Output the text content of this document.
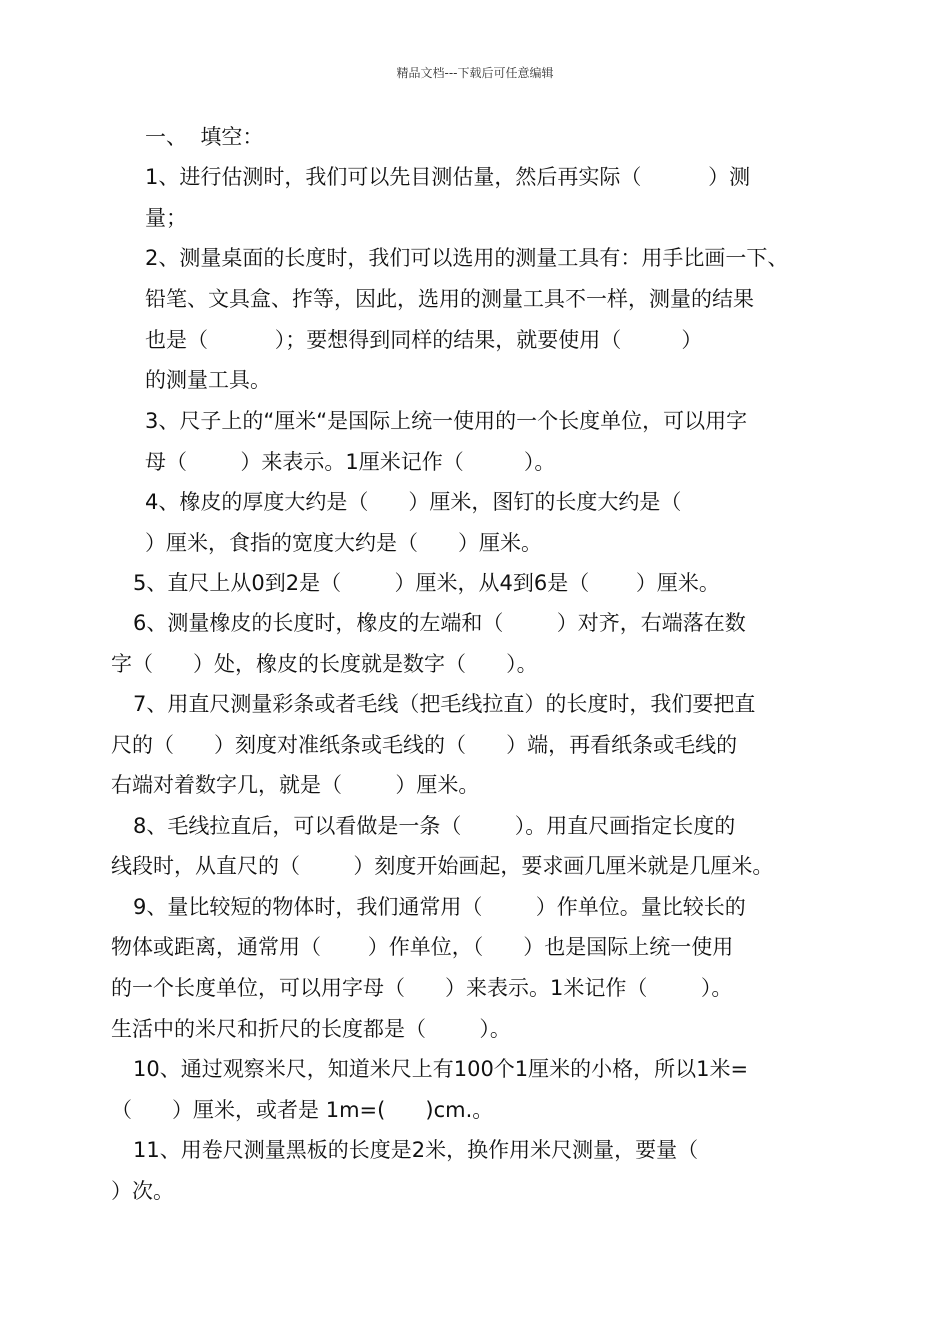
精品文档---下载后可任意编辑
一、  填空：
1、进行估测时，我们可以先目测估量，然后再实际（          ）测
量；
2、测量桌面的长度时，我们可以选用的测量工具有：用手比画一下、
铅笔、文具盒、拃等，因此，选用的测量工具不一样，测量的结果
也是（          ）；要想得到同样的结果，就要使用（         ）
的测量工具。
3、尺子上的“厘米“是国际上统一使用的一个长度单位，可以用字
母（        ）来表示。1厘米记作（         ）。
4、橡皮的厚度大约是（      ）厘米，图钉的长度大约是（
）厘米，食指的宽度大约是（      ）厘米。
5、直尺上从0到2是（        ）厘米，从4到6是（       ）厘米。
6、测量橡皮的长度时，橡皮的左端和（        ）对齐，右端落在数
字（      ）处，橡皮的长度就是数字（      ）。
7、用直尺测量彩条或者毛线（把毛线拉直）的长度时，我们要把直
尺的（      ）刻度对准纸条或毛线的（      ）端，再看纸条或毛线的
右端对着数字几，就是（        ）厘米。
8、毛线拉直后，可以看做是一条（        ）。用直尺画指定长度的
线段时，从直尺的（        ）刻度开始画起，要求画几厘米就是几厘米。
9、量比较短的物体时，我们通常用（        ）作单位。量比较长的
物体或距离，通常用（       ）作单位，（      ）也是国际上统一使用
的一个长度单位，可以用字母（      ）来表示。1米记作（        ）。
生活中的米尺和折尺的长度都是（        ）。
10、通过观察米尺，知道米尺上有100个1厘米的小格，所以1米=
（      ）厘米，或者是 1m=(      )cm.。
11、用卷尺测量黑板的长度是2米，换作用米尺测量，要量（
）次。
